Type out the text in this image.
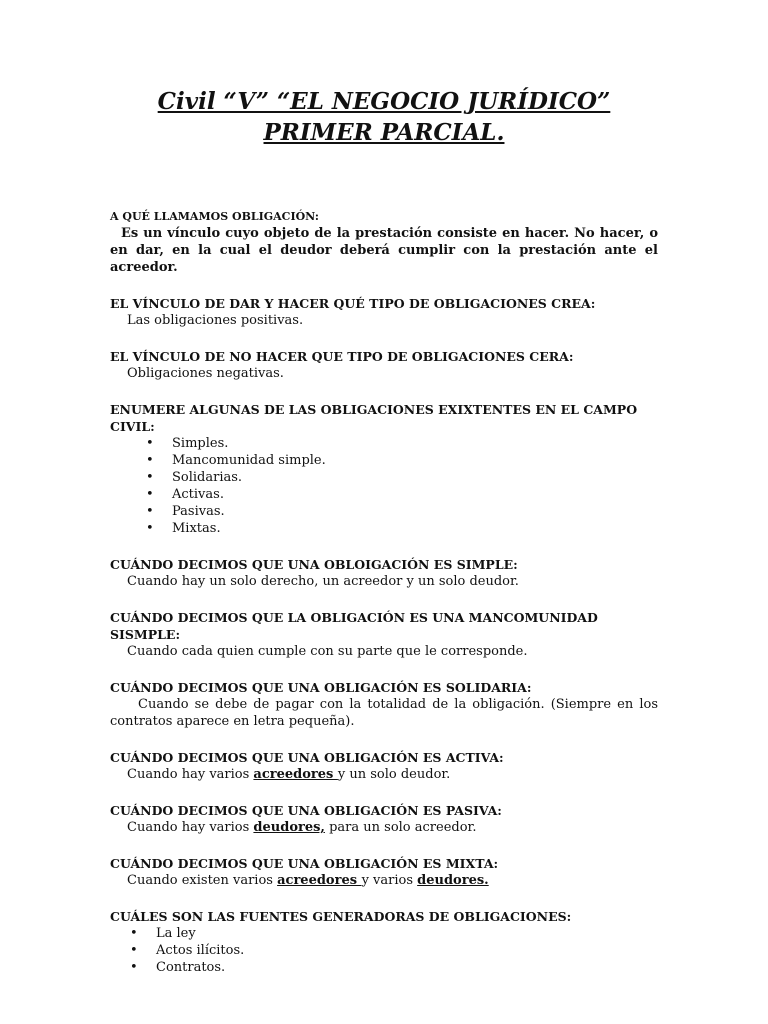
Civil “V” “EL NEGOCIO JURÍDICO” PRIMER PARCIAL.

A QUÉ LLAMAMOS OBLIGACIÓN:

Es un vínculo cuyo objeto de la prestación consiste en hacer. No hacer, o en dar, en la cual el deudor deberá cumplir con la prestación ante el acreedor.

EL VÍNCULO DE DAR Y HACER QUÉ TIPO DE OBLIGACIONES CREA:

Las obligaciones positivas.

EL VÍNCULO DE NO HACER QUE TIPO DE OBLIGACIONES CERA:

Obligaciones negativas.

ENUMERE ALGUNAS DE LAS OBLIGACIONES EXIXTENTES EN EL CAMPO CIVIL:

• Simples.
• Mancomunidad simple.
• Solidarias.
• Activas.
• Pasivas.
• Mixtas.

CUÁNDO DECIMOS QUE UNA OBLOIGACIÓN ES SIMPLE:

Cuando hay un solo derecho, un acreedor y un solo deudor.

CUÁNDO DECIMOS QUE LA OBLIGACIÓN ES UNA MANCOMUNIDAD SISMPLE:

Cuando cada quien cumple con su parte que le corresponde.

CUÁNDO DECIMOS QUE UNA OBLIGACIÓN ES SOLIDARIA:

Cuando se debe de pagar con la totalidad de la obligación. (Siempre en los contratos aparece en letra pequeña).

CUÁNDO DECIMOS QUE UNA OBLIGACIÓN ES ACTIVA:

Cuando hay varios acreedores y un solo deudor.

CUÁNDO DECIMOS QUE UNA OBLIGACIÓN ES PASIVA:

Cuando hay varios deudores, para un solo acreedor.

CUÁNDO DECIMOS QUE UNA OBLIGACIÓN ES MIXTA:

Cuando existen varios acreedores y varios deudores.

CUÁLES SON LAS FUENTES GENERADORAS DE OBLIGACIONES:

• La ley
• Actos ilícitos.
• Contratos.
